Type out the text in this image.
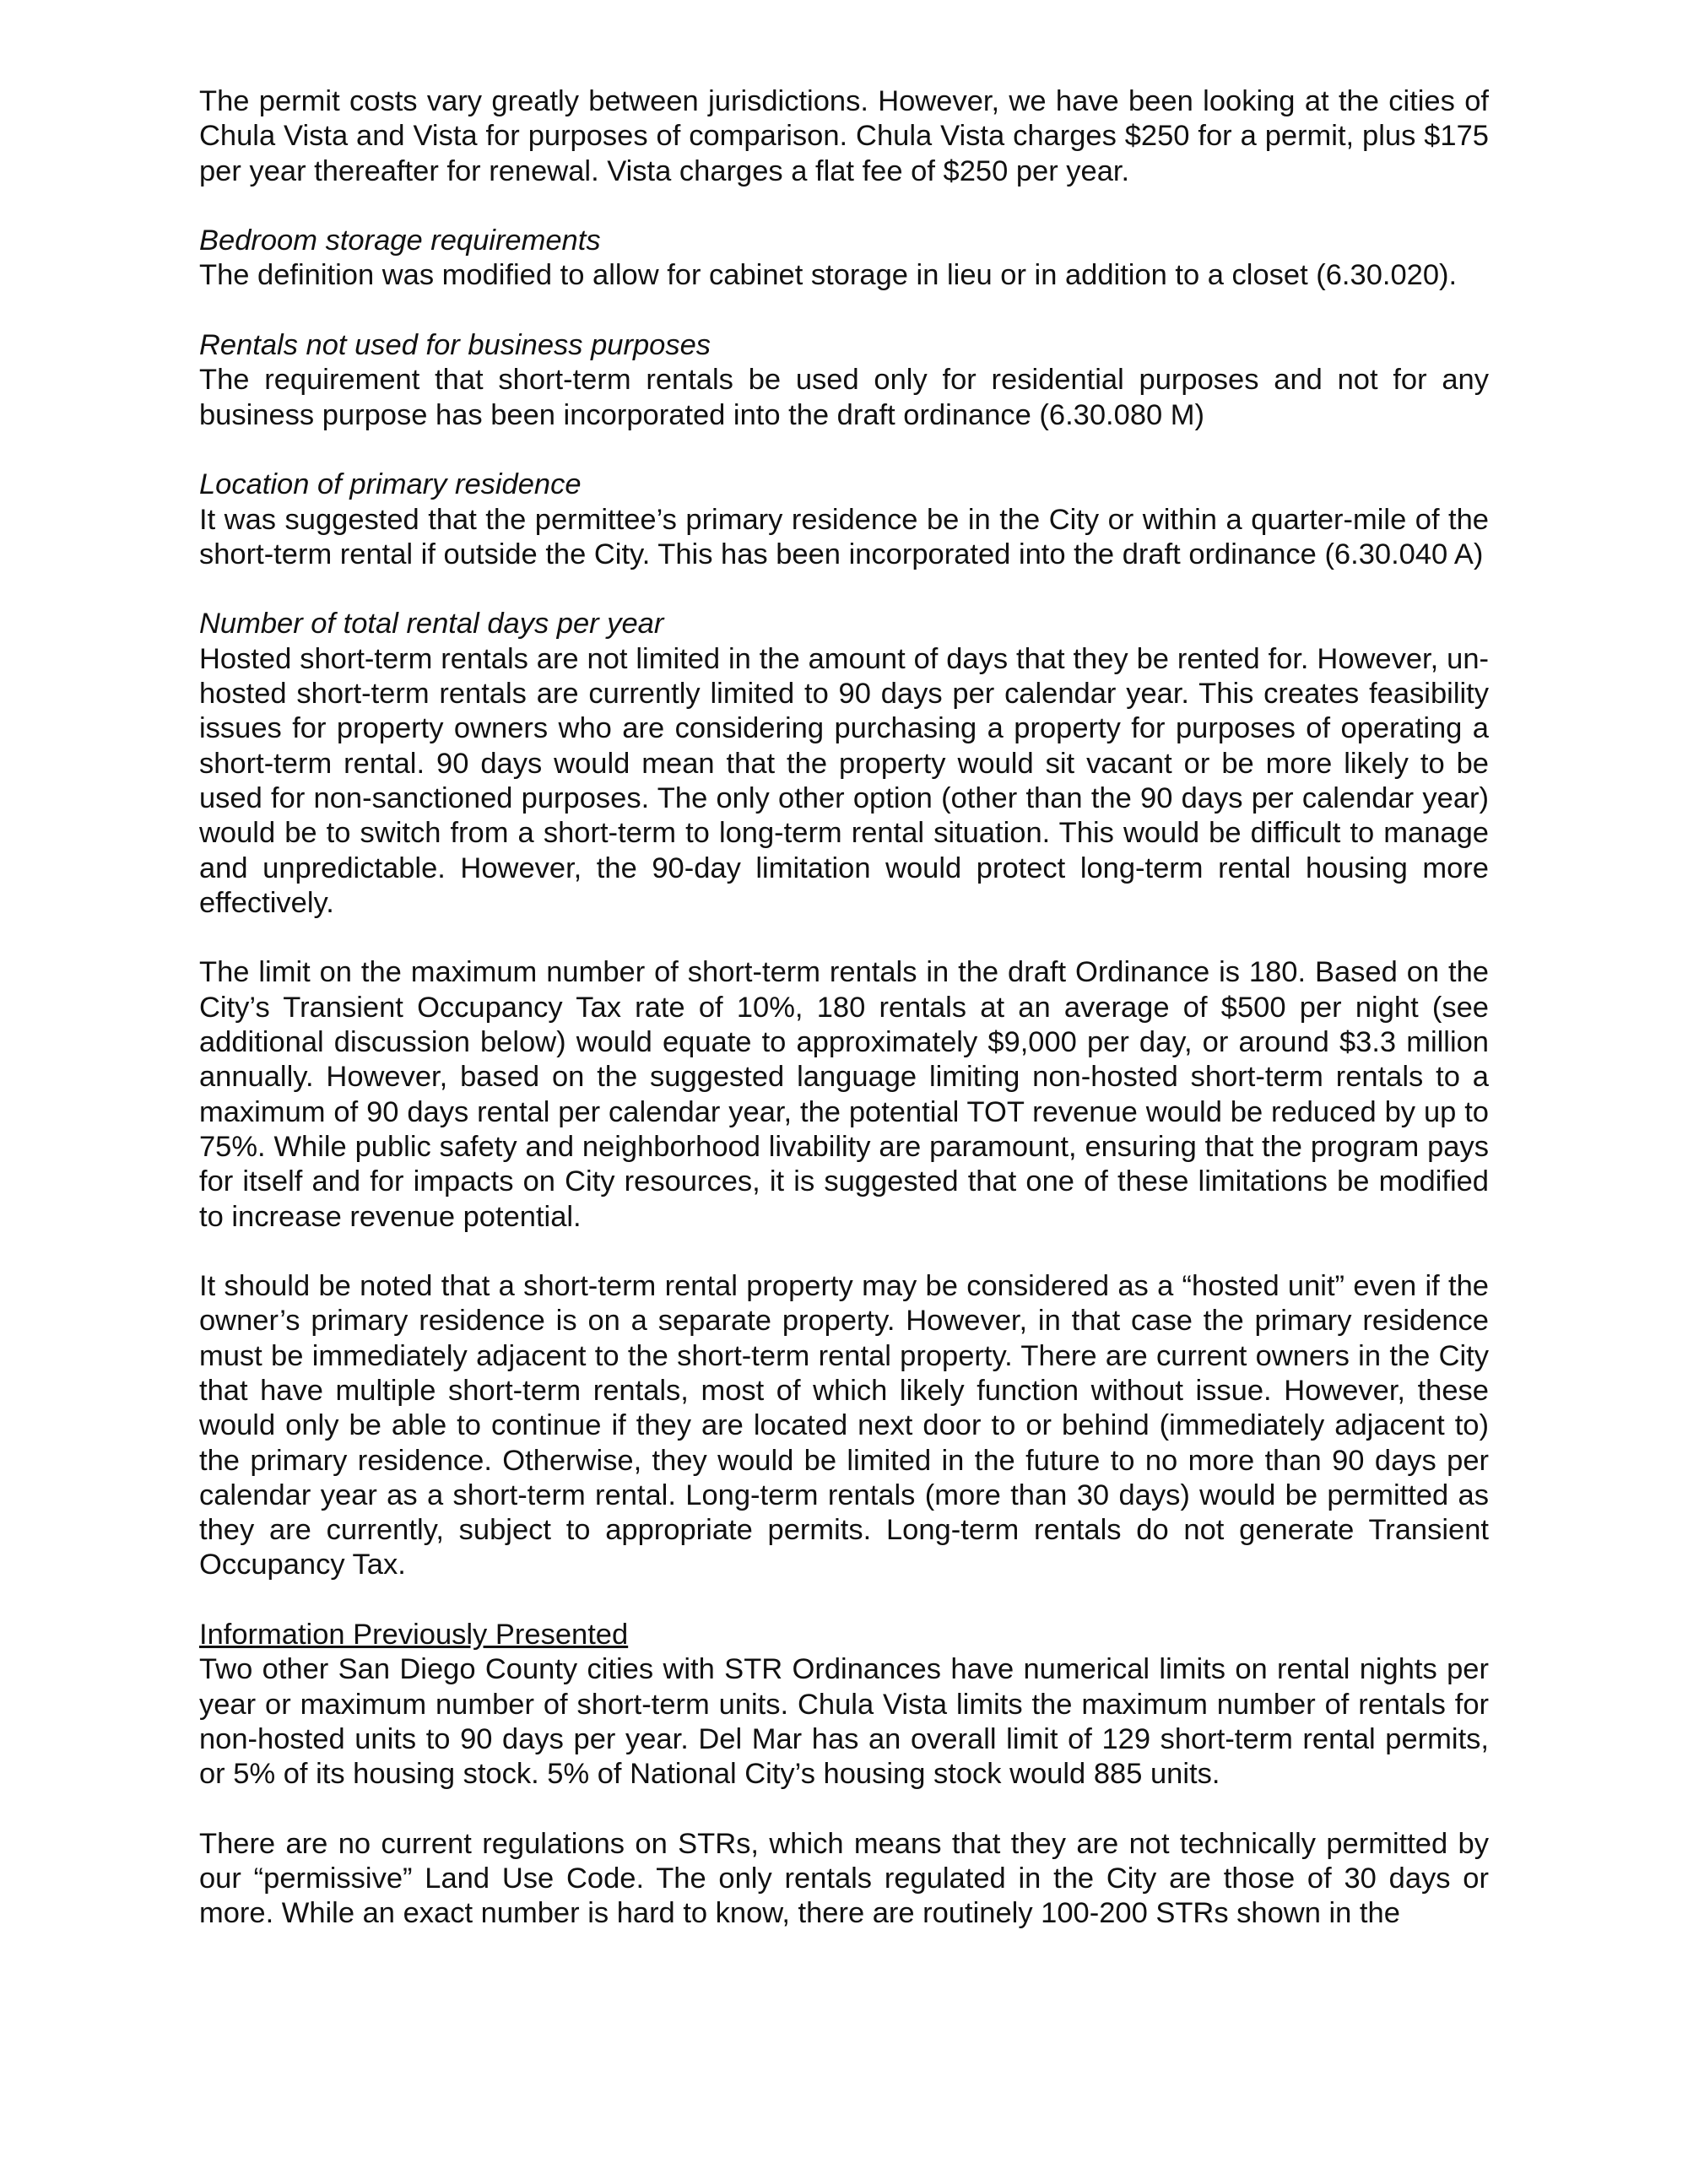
The permit costs vary greatly between jurisdictions. However, we have been looking at the cities of Chula Vista and Vista for purposes of comparison. Chula Vista charges $250 for a permit, plus $175 per year thereafter for renewal. Vista charges a flat fee of $250 per year.

Bedroom storage requirements

The definition was modified to allow for cabinet storage in lieu or in addition to a closet (6.30.020).

Rentals not used for business purposes

The requirement that short-term rentals be used only for residential purposes and not for any business purpose has been incorporated into the draft ordinance (6.30.080 M)

Location of primary residence

It was suggested that the permittee’s primary residence be in the City or within a quarter-mile of the short-term rental if outside the City. This has been incorporated into the draft ordinance (6.30.040 A)

Number of total rental days per year

Hosted short-term rentals are not limited in the amount of days that they be rented for. However, un-hosted short-term rentals are currently limited to 90 days per calendar year. This creates feasibility issues for property owners who are considering purchasing a property for purposes of operating a short-term rental. 90 days would mean that the property would sit vacant or be more likely to be used for non-sanctioned purposes. The only other option (other than the 90 days per calendar year) would be to switch from a short-term to long-term rental situation. This would be difficult to manage and unpredictable. However, the 90-day limitation would protect long-term rental housing more effectively.

The limit on the maximum number of short-term rentals in the draft Ordinance is 180. Based on the City’s Transient Occupancy Tax rate of 10%, 180 rentals at an average of $500 per night (see additional discussion below) would equate to approximately $9,000 per day, or around $3.3 million annually. However, based on the suggested language limiting non-hosted short-term rentals to a maximum of 90 days rental per calendar year, the potential TOT revenue would be reduced by up to 75%. While public safety and neighborhood livability are paramount, ensuring that the program pays for itself and for impacts on City resources, it is suggested that one of these limitations be modified to increase revenue potential.

It should be noted that a short-term rental property may be considered as a “hosted unit” even if the owner’s primary residence is on a separate property. However, in that case the primary residence must be immediately adjacent to the short-term rental property. There are current owners in the City that have multiple short-term rentals, most of which likely function without issue. However, these would only be able to continue if they are located next door to or behind (immediately adjacent to) the primary residence. Otherwise, they would be limited in the future to no more than 90 days per calendar year as a short-term rental. Long-term rentals (more than 30 days) would be permitted as they are currently, subject to appropriate permits. Long-term rentals do not generate Transient Occupancy Tax.

Information Previously Presented

Two other San Diego County cities with STR Ordinances have numerical limits on rental nights per year or maximum number of short-term units. Chula Vista limits the maximum number of rentals for non-hosted units to 90 days per year. Del Mar has an overall limit of 129 short-term rental permits, or 5% of its housing stock. 5% of National City’s housing stock would 885 units.

There are no current regulations on STRs, which means that they are not technically permitted by our “permissive” Land Use Code. The only rentals regulated in the City are those of 30 days or more. While an exact number is hard to know, there are routinely 100-200 STRs shown in the
